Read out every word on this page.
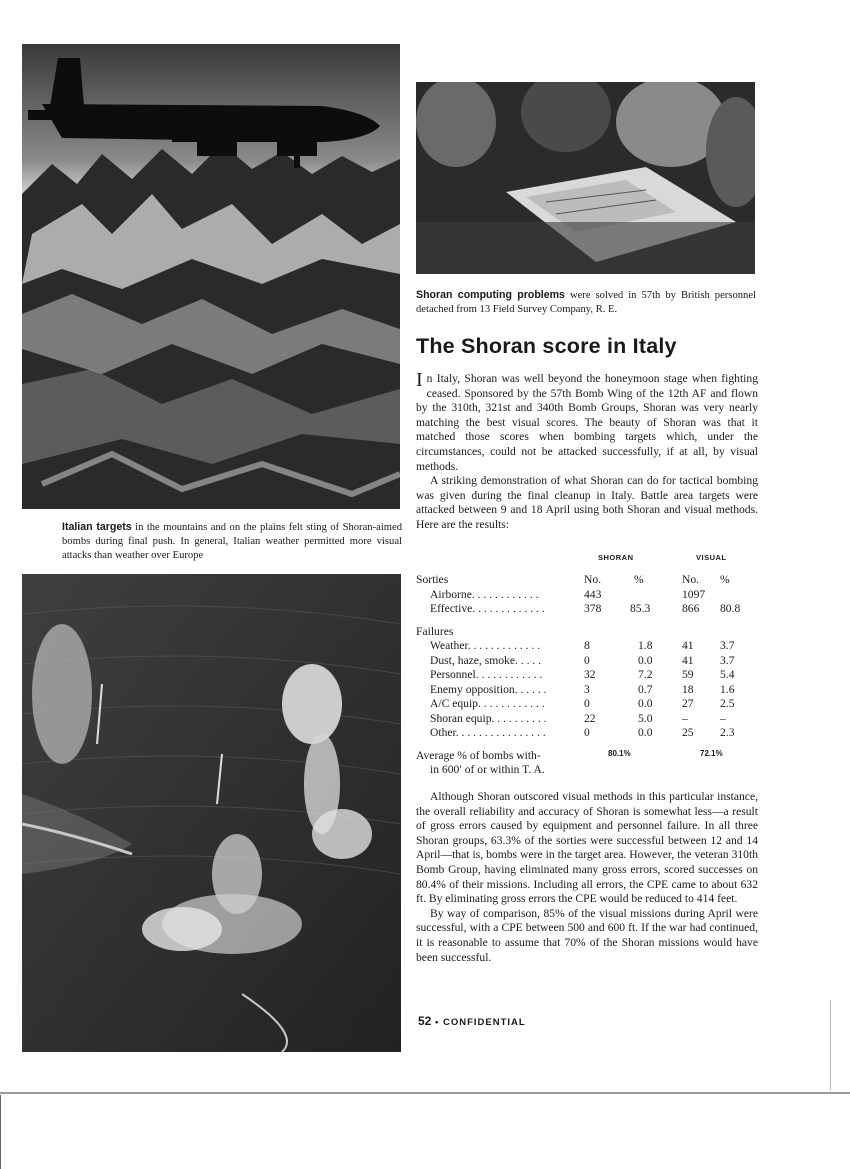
Italian targets in the mountains and on the plains felt sting of Shoran-aimed bombs during final push. In general, Italian weather permitted more visual attacks than weather over Europe
Shoran computing problems were solved in 57th by British personnel detached from 13 Field Survey Company, R. E.
The Shoran score in Italy

In Italy, Shoran was well beyond the honeymoon stage when fighting ceased. Sponsored by the 57th Bomb Wing of the 12th AF and flown by the 310th, 321st and 340th Bomb Groups, Shoran was very nearly matching the best visual scores. The beauty of Shoran was that it matched those scores when bombing targets which, under the circumstances, could not be attacked successfully, if at all, by visual methods.

A striking demonstration of what Shoran can do for tactical bombing was given during the final cleanup in Italy. Battle area targets were attacked between 9 and 18 April using both Shoran and visual methods. Here are the results:

	SHORAN		VISUAL	
Sorties	No.	%	No.	%
Airborne. . . . . . . . . . . .	443		1097	
Effective. . . . . . . . . . . . .	378	85.3	866	80.8

Failures				
Weather. . . . . . . . . . . . .	8	1.8	41	3.7
Dust, haze, smoke. . . . .	0	0.0	41	3.7
Personnel. . . . . . . . . . . .	32	7.2	59	5.4
Enemy opposition. . . . . .	3	0.7	18	1.6
A/C equip. . . . . . . . . . . .	0	0.0	27	2.5
Shoran equip. . . . . . . . . .	22	5.0	–	–
Other. . . . . . . . . . . . . . . .	0	0.0	25	2.3

Average % of bombs with-	80.1%		72.1%	
in 600′ of or within T. A.				

Although Shoran outscored visual methods in this particular instance, the overall reliability and accuracy of Shoran is somewhat less—a result of gross errors caused by equipment and personnel failure. In all three Shoran groups, 63.3% of the sorties were successful between 12 and 14 April—that is, bombs were in the target area. However, the veteran 310th Bomb Group, having eliminated many gross errors, scored successes on 80.4% of their missions. Including all errors, the CPE came to about 632 ft. By eliminating gross errors the CPE would be reduced to 414 feet.

By way of comparison, 85% of the visual missions during April were successful, with a CPE between 500 and 600 ft. If the war had continued, it is reasonable to assume that 70% of the Shoran missions would have been successful.

52 • CONFIDENTIAL
